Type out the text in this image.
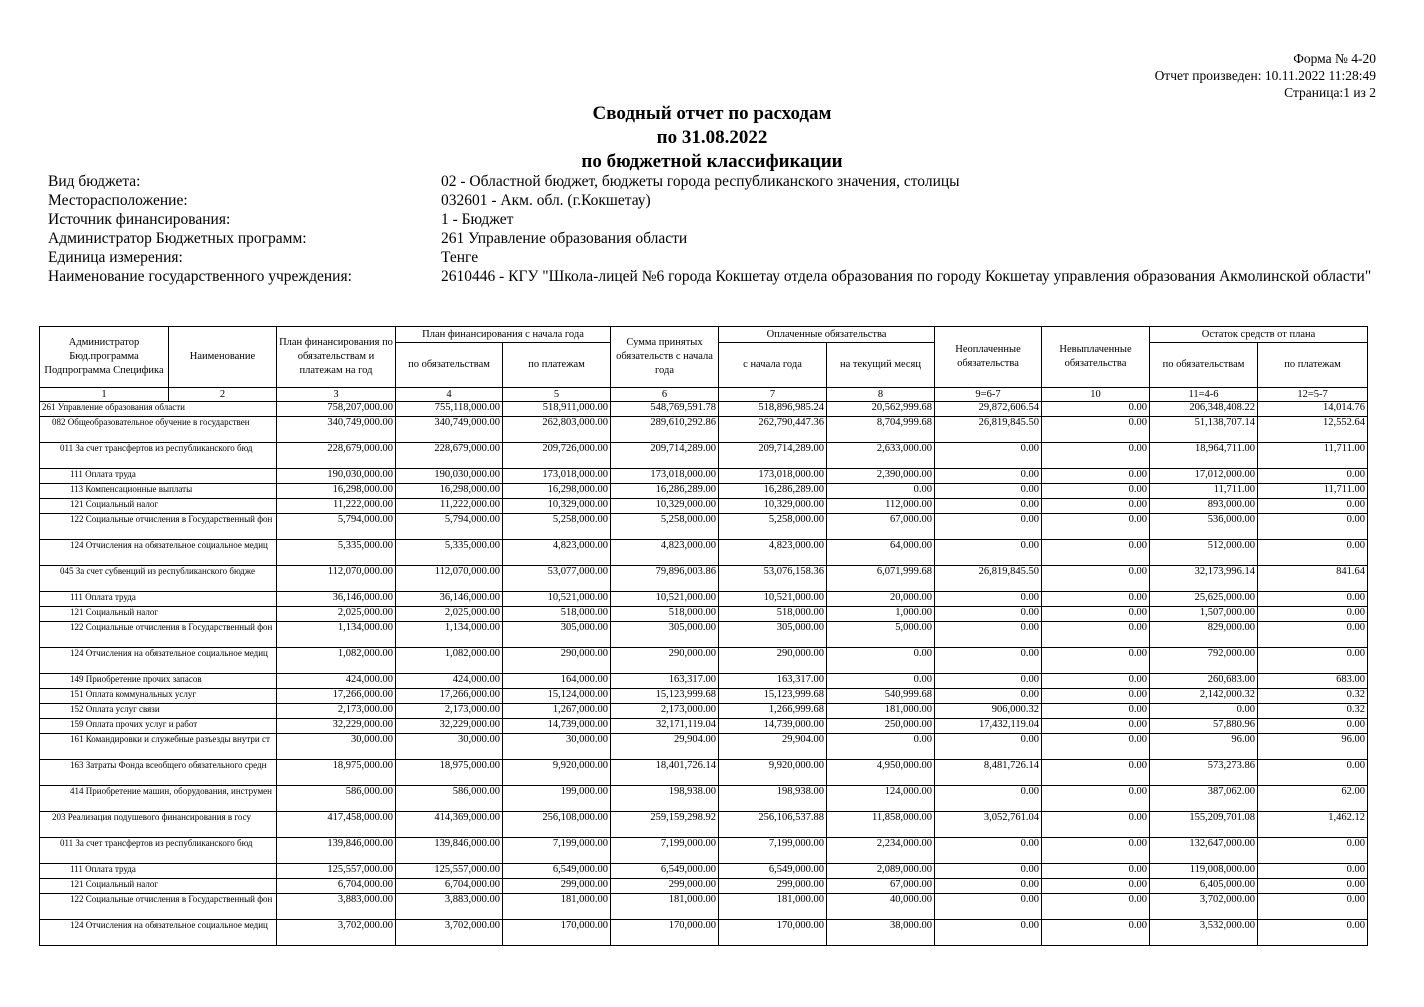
Форма № 4-20
Отчет произведен: 10.11.2022 11:28:49
Страница:1 из 2
Сводный отчет по расходам
по 31.08.2022
по бюджетной классификации
Вид бюджета:	02 - Областной бюджет, бюджеты города республиканского значения, столицы
Месторасположение:	032601 - Акм. обл. (г.Кокшетау)
Источник финансирования:	1 - Бюджет
Администратор Бюджетных программ:	261 Управление образования области
Единица измерения:	Тенге
Наименование государственного учреждения:	2610446 - КГУ "Школа-лицей №6 города Кокшетау отдела образования по городу Кокшетау управления образования Акмолинской области"
Администратор Бюд.программа Подпрограмма Специфика	Наименование	План финансирования по обязательствам и платежам на год	План финансирования с начала года		Сумма принятых обязательств с начала года	Оплаченные обязательства		Неоплаченные обязательства	Невыплаченные обязательства	Остаток средств от плана	
			по обязательствам	по платежам		с начала года	на текущий месяц			по обязательствам	по платежам
1	2	3	4	5	6	7	8	9=6-7	10	11=4-6	12=5-7
261 Управление образования области		758,207,000.00	755,118,000.00	518,911,000.00	548,769,591.78	518,896,985.24	20,562,999.68	29,872,606.54	0.00	206,348,408.22	14,014.76
082 Общеобразовательное обучение в государствен		340,749,000.00	340,749,000.00	262,803,000.00	289,610,292.86	262,790,447.36	8,704,999.68	26,819,845.50	0.00	51,138,707.14	12,552.64
011 За счет трансфертов из республиканского бюд		228,679,000.00	228,679,000.00	209,726,000.00	209,714,289.00	209,714,289.00	2,633,000.00	0.00	0.00	18,964,711.00	11,711.00
111 Оплата труда		190,030,000.00	190,030,000.00	173,018,000.00	173,018,000.00	173,018,000.00	2,390,000.00	0.00	0.00	17,012,000.00	0.00
113 Компенсационные выплаты		16,298,000.00	16,298,000.00	16,298,000.00	16,286,289.00	16,286,289.00	0.00	0.00	0.00	11,711.00	11,711.00
121 Социальный налог		11,222,000.00	11,222,000.00	10,329,000.00	10,329,000.00	10,329,000.00	112,000.00	0.00	0.00	893,000.00	0.00
122 Социальные отчисления в Государственный фон		5,794,000.00	5,794,000.00	5,258,000.00	5,258,000.00	5,258,000.00	67,000.00	0.00	0.00	536,000.00	0.00
124 Отчисления на обязательное социальное медиц		5,335,000.00	5,335,000.00	4,823,000.00	4,823,000.00	4,823,000.00	64,000.00	0.00	0.00	512,000.00	0.00
045 За счет субвенций из республиканского бюдже		112,070,000.00	112,070,000.00	53,077,000.00	79,896,003.86	53,076,158.36	6,071,999.68	26,819,845.50	0.00	32,173,996.14	841.64
111 Оплата труда		36,146,000.00	36,146,000.00	10,521,000.00	10,521,000.00	10,521,000.00	20,000.00	0.00	0.00	25,625,000.00	0.00
121 Социальный налог		2,025,000.00	2,025,000.00	518,000.00	518,000.00	518,000.00	1,000.00	0.00	0.00	1,507,000.00	0.00
122 Социальные отчисления в Государственный фон		1,134,000.00	1,134,000.00	305,000.00	305,000.00	305,000.00	5,000.00	0.00	0.00	829,000.00	0.00
124 Отчисления на обязательное социальное медиц		1,082,000.00	1,082,000.00	290,000.00	290,000.00	290,000.00	0.00	0.00	0.00	792,000.00	0.00
149 Приобретение прочих запасов		424,000.00	424,000.00	164,000.00	163,317.00	163,317.00	0.00	0.00	0.00	260,683.00	683.00
151 Оплата коммунальных услуг		17,266,000.00	17,266,000.00	15,124,000.00	15,123,999.68	15,123,999.68	540,999.68	0.00	0.00	2,142,000.32	0.32
152 Оплата услуг связи		2,173,000.00	2,173,000.00	1,267,000.00	2,173,000.00	1,266,999.68	181,000.00	906,000.32	0.00	0.00	0.32
159 Оплата прочих услуг и работ		32,229,000.00	32,229,000.00	14,739,000.00	32,171,119.04	14,739,000.00	250,000.00	17,432,119.04	0.00	57,880.96	0.00
161 Командировки и служебные разъезды внутри ст		30,000.00	30,000.00	30,000.00	29,904.00	29,904.00	0.00	0.00	0.00	96.00	96.00
163 Затраты Фонда всеобщего обязательного средн		18,975,000.00	18,975,000.00	9,920,000.00	18,401,726.14	9,920,000.00	4,950,000.00	8,481,726.14	0.00	573,273.86	0.00
414 Приобретение машин, оборудования, инструмен		586,000.00	586,000.00	199,000.00	198,938.00	198,938.00	124,000.00	0.00	0.00	387,062.00	62.00
203 Реализация подушевого финансирования в госу		417,458,000.00	414,369,000.00	256,108,000.00	259,159,298.92	256,106,537.88	11,858,000.00	3,052,761.04	0.00	155,209,701.08	1,462.12
011 За счет трансфертов из республиканского бюд		139,846,000.00	139,846,000.00	7,199,000.00	7,199,000.00	7,199,000.00	2,234,000.00	0.00	0.00	132,647,000.00	0.00
111 Оплата труда		125,557,000.00	125,557,000.00	6,549,000.00	6,549,000.00	6,549,000.00	2,089,000.00	0.00	0.00	119,008,000.00	0.00
121 Социальный налог		6,704,000.00	6,704,000.00	299,000.00	299,000.00	299,000.00	67,000.00	0.00	0.00	6,405,000.00	0.00
122 Социальные отчисления в Государственный фон		3,883,000.00	3,883,000.00	181,000.00	181,000.00	181,000.00	40,000.00	0.00	0.00	3,702,000.00	0.00
124 Отчисления на обязательное социальное медиц		3,702,000.00	3,702,000.00	170,000.00	170,000.00	170,000.00	38,000.00	0.00	0.00	3,532,000.00	0.00
